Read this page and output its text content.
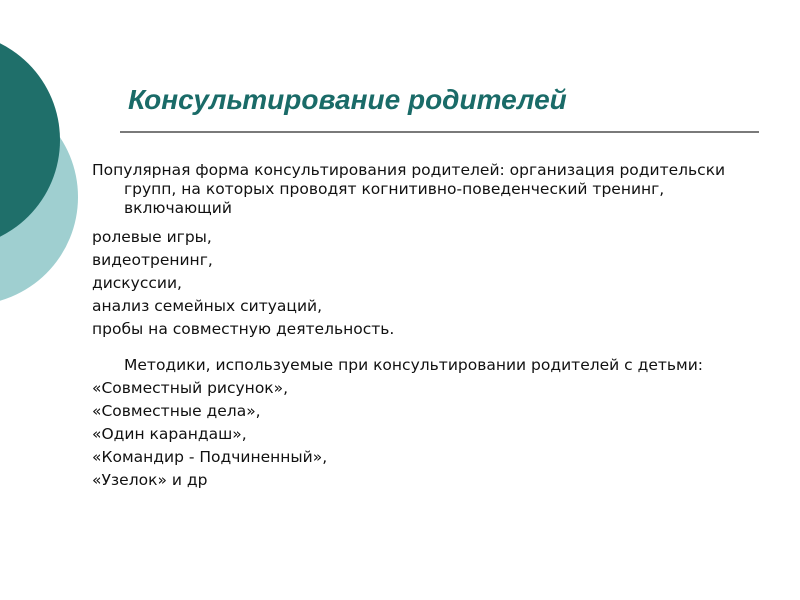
Консультирование родителей

Популярная форма консультирования родителей: организация родительски групп, на которых проводят когнитивно-поведенческий тренинг, включающий

ролевые игры,

видеотренинг,

дискуссии,

анализ семейных ситуаций,

пробы на совместную деятельность.

Методики, используемые при консультировании родителей с детьми:

«Совместный рисунок»,

«Совместные дела»,

«Один карандаш»,

«Командир - Подчиненный»,

«Узелок» и др
